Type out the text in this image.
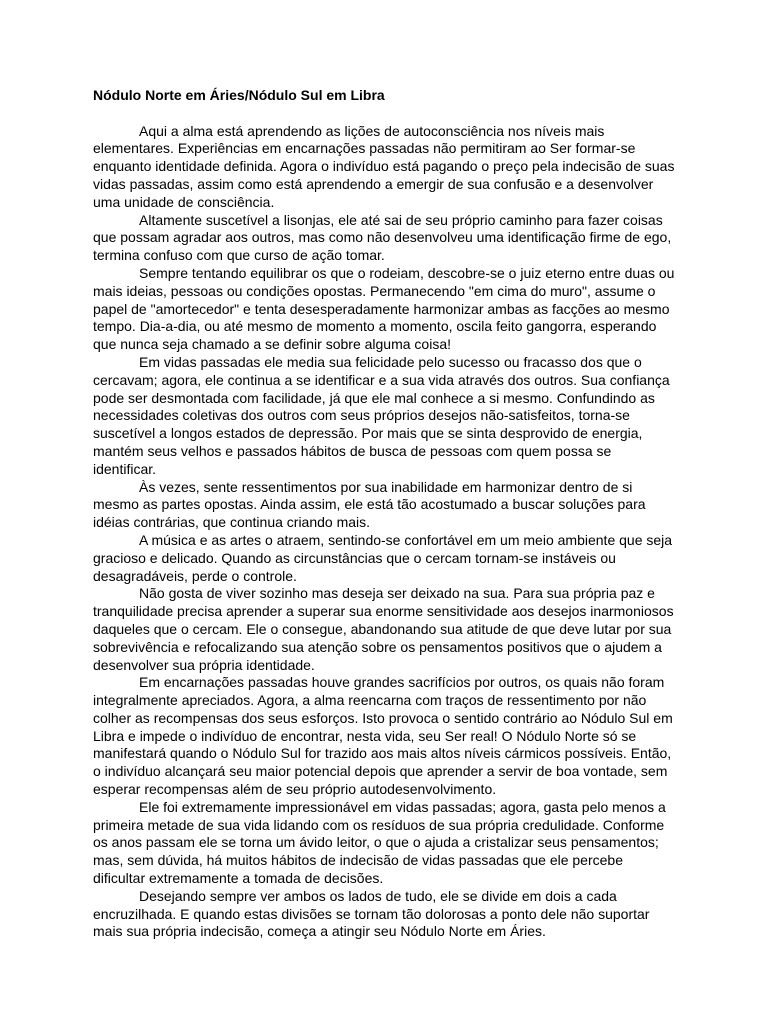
Nódulo Norte em Áries/Nódulo Sul em Libra

Aqui a alma está aprendendo as lições de autoconsciência nos níveis mais elementares. Experiências em encarnações passadas não permitiram ao Ser formar-se enquanto identidade definida. Agora o indivíduo está pagando o preço pela indecisão de suas vidas passadas, assim como está aprendendo a emergir de sua confusão e a desenvolver uma unidade de consciência.

Altamente suscetível a lisonjas, ele até sai de seu próprio caminho para fazer coisas que possam agradar aos outros, mas como não desenvolveu uma identificação firme de ego, termina confuso com que curso de ação tomar.

Sempre tentando equilibrar os que o rodeiam, descobre-se o juiz eterno entre duas ou mais ideias, pessoas ou condições opostas. Permanecendo "em cima do muro", assume o papel de "amortecedor" e tenta desesperadamente harmonizar ambas as facções ao mesmo tempo. Dia-a-dia, ou até mesmo de momento a momento, oscila feito gangorra, esperando que nunca seja chamado a se definir sobre alguma coisa!

Em vidas passadas ele media sua felicidade pelo sucesso ou fracasso dos que o cercavam; agora, ele continua a se identificar e a sua vida através dos outros. Sua confiança pode ser desmontada com facilidade, já que ele mal conhece a si mesmo. Confundindo as necessidades coletivas dos outros com seus próprios desejos não-satisfeitos, torna-se suscetível a longos estados de depressão. Por mais que se sinta desprovido de energia, mantém seus velhos e passados hábitos de busca de pessoas com quem possa se identificar.

Às vezes, sente ressentimentos por sua inabilidade em harmonizar dentro de si mesmo as partes opostas. Ainda assim, ele está tão acostumado a buscar soluções para idéias contrárias, que continua criando mais.

A música e as artes o atraem, sentindo-se confortável em um meio ambiente que seja gracioso e delicado. Quando as circunstâncias que o cercam tornam-se instáveis ou desagradáveis, perde o controle.

Não gosta de viver sozinho mas deseja ser deixado na sua. Para sua própria paz e tranquilidade precisa aprender a superar sua enorme sensitividade aos desejos inarmoniosos daqueles que o cercam. Ele o consegue, abandonando sua atitude de que deve lutar por sua sobrevivência e refocalizando sua atenção sobre os pensamentos positivos que o ajudem a desenvolver sua própria identidade.

Em encarnações passadas houve grandes sacrifícios por outros, os quais não foram integralmente apreciados. Agora, a alma reencarna com traços de ressentimento por não colher as recompensas dos seus esforços. Isto provoca o sentido contrário ao Nódulo Sul em Libra e impede o indivíduo de encontrar, nesta vida, seu Ser real! O Nódulo Norte só se manifestará quando o Nódulo Sul for trazido aos mais altos níveis cármicos possíveis. Então, o indivíduo alcançará seu maior potencial depois que aprender a servir de boa vontade, sem esperar recompensas além de seu próprio autodesenvolvimento.

Ele foi extremamente impressionável em vidas passadas; agora, gasta pelo menos a primeira metade de sua vida lidando com os resíduos de sua própria credulidade. Conforme os anos passam ele se torna um ávido leitor, o que o ajuda a cristalizar seus pensamentos; mas, sem dúvida, há muitos hábitos de indecisão de vidas passadas que ele percebe dificultar extremamente a tomada de decisões.

Desejando sempre ver ambos os lados de tudo, ele se divide em dois a cada encruzilhada. E quando estas divisões se tornam tão dolorosas a ponto dele não suportar mais sua própria indecisão, começa a atingir seu Nódulo Norte em Áries.
